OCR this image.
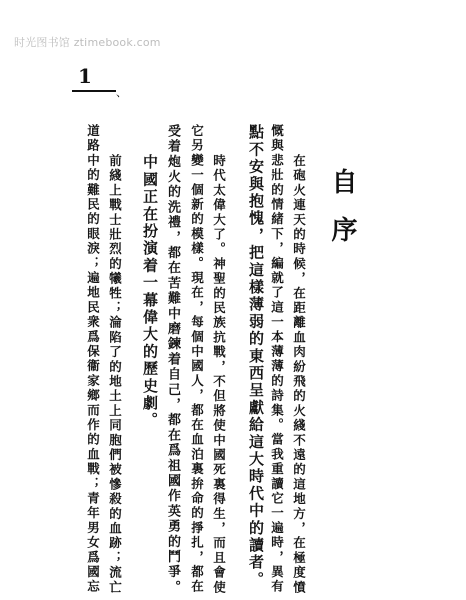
时光图书馆 ztimebook.com
1
、
自序
在砲火連天的時候，在距離血肉紛飛的火綫不遠的這地方，在極度憤
慨與悲壯的情緒下，編就了這一本薄薄的詩集。當我重讀它一遍時，異有
點不安與抱愧，把這樣薄弱的東西呈獻給這大時代中的讀者。
時代太偉大了。神聖的民族抗戰，不但將使中國死裏得生，而且會使
它另變一個新的模樣。現在，每個中國人，都在血泊裏拚命的掙扎，都在
受着炮火的洗禮，都在苦難中磨鍊着自己，都在爲祖國作英勇的鬥爭。
中國正在扮演着一幕偉大的歷史劇。
前綫上戰士壯烈的犧牲；淪陷了的地土上同胞們被慘殺的血跡；流亡
道路中的難民的眼淚；遍地民衆爲保衞家鄉而作的血戰；青年男女爲國忘
